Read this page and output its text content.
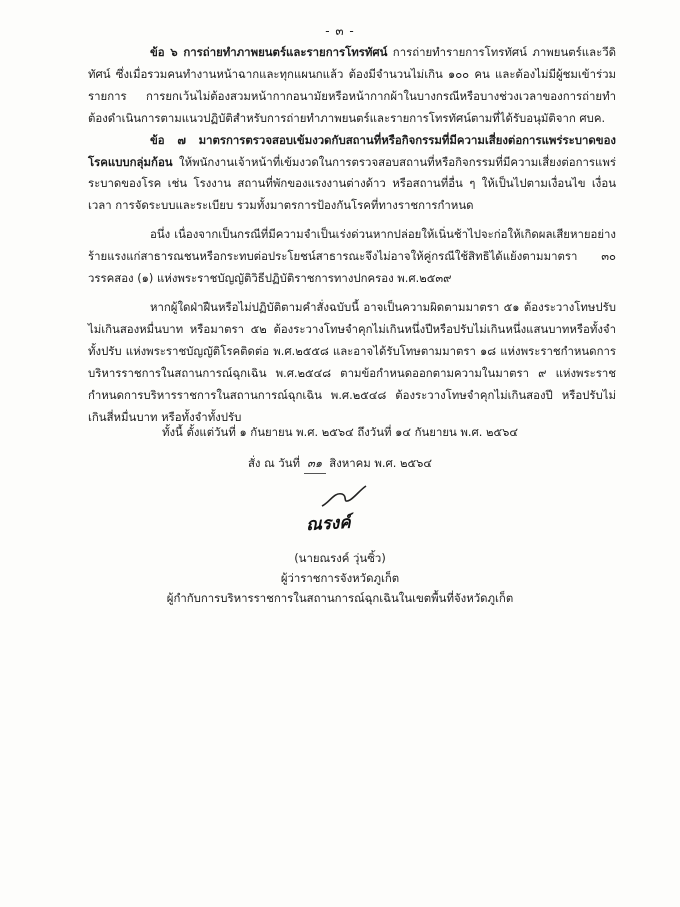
- ๓ -

ข้อ ๖ การถ่ายทำภาพยนตร์และรายการโทรทัศน์ การถ่ายทำรายการโทรทัศน์ ภาพยนตร์และวีดิทัศน์ ซึ่งเมื่อรวมคนทำงานหน้าฉากและทุกแผนกแล้ว ต้องมีจำนวนไม่เกิน ๑๐๐ คน และต้องไม่มีผู้ชมเข้าร่วมรายการ การยกเว้นไม่ต้องสวมหน้ากากอนามัยหรือหน้ากากผ้าในบางกรณีหรือบางช่วงเวลาของการถ่ายทำ ต้องดำเนินการตามแนวปฏิบัติสำหรับการถ่ายทำภาพยนตร์และรายการโทรทัศน์ตามที่ได้รับอนุมัติจาก ศบค.

ข้อ ๗ มาตรการตรวจสอบเข้มงวดกับสถานที่หรือกิจกรรมที่มีความเสี่ยงต่อการแพร่ระบาดของโรคแบบกลุ่มก้อน ให้พนักงานเจ้าหน้าที่เข้มงวดในการตรวจสอบสถานที่หรือกิจกรรมที่มีความเสี่ยงต่อการแพร่ระบาดของโรค เช่น โรงงาน สถานที่พักของแรงงานต่างด้าว หรือสถานที่อื่น ๆ ให้เป็นไปตามเงื่อนไข เงื่อนเวลา การจัดระบบและระเบียบ รวมทั้งมาตรการป้องกันโรคที่ทางราชการกำหนด

อนึ่ง เนื่องจากเป็นกรณีที่มีความจำเป็นเร่งด่วนหากปล่อยให้เนิ่นช้าไปจะก่อให้เกิดผลเสียหายอย่างร้ายแรงแก่สาธารณชนหรือกระทบต่อประโยชน์สาธารณะจึงไม่อาจให้คู่กรณีใช้สิทธิได้แย้งตามมาตรา ๓๐ วรรคสอง (๑) แห่งพระราชบัญญัติวิธีปฏิบัติราชการทางปกครอง พ.ศ.๒๕๓๙

หากผู้ใดฝ่าฝืนหรือไม่ปฏิบัติตามคำสั่งฉบับนี้ อาจเป็นความผิดตามมาตรา ๕๑ ต้องระวางโทษปรับไม่เกินสองหมื่นบาท หรือมาตรา ๕๒ ต้องระวางโทษจำคุกไม่เกินหนึ่งปีหรือปรับไม่เกินหนึ่งแสนบาทหรือทั้งจำทั้งปรับ แห่งพระราชบัญญัติโรคติดต่อ พ.ศ.๒๕๕๘ และอาจได้รับโทษตามมาตรา ๑๘ แห่งพระราชกำหนดการบริหารราชการในสถานการณ์ฉุกเฉิน พ.ศ.๒๕๔๘ ตามข้อกำหนดออกตามความในมาตรา ๙ แห่งพระราชกำหนดการบริหารราชการในสถานการณ์ฉุกเฉิน พ.ศ.๒๕๔๘ ต้องระวางโทษจำคุกไม่เกินสองปี หรือปรับไม่เกินสี่หมื่นบาท หรือทั้งจำทั้งปรับ

ทั้งนี้ ตั้งแต่วันที่ ๑ กันยายน พ.ศ. ๒๕๖๔ ถึงวันที่ ๑๔ กันยายน พ.ศ. ๒๕๖๔
สั่ง ณ วันที่ ๓๑ สิงหาคม พ.ศ. ๒๕๖๔
ณรงค์
(นายณรงค์ วุ่นซิ้ว)
ผู้ว่าราชการจังหวัดภูเก็ต
ผู้กำกับการบริหารราชการในสถานการณ์ฉุกเฉินในเขตพื้นที่จังหวัดภูเก็ต
